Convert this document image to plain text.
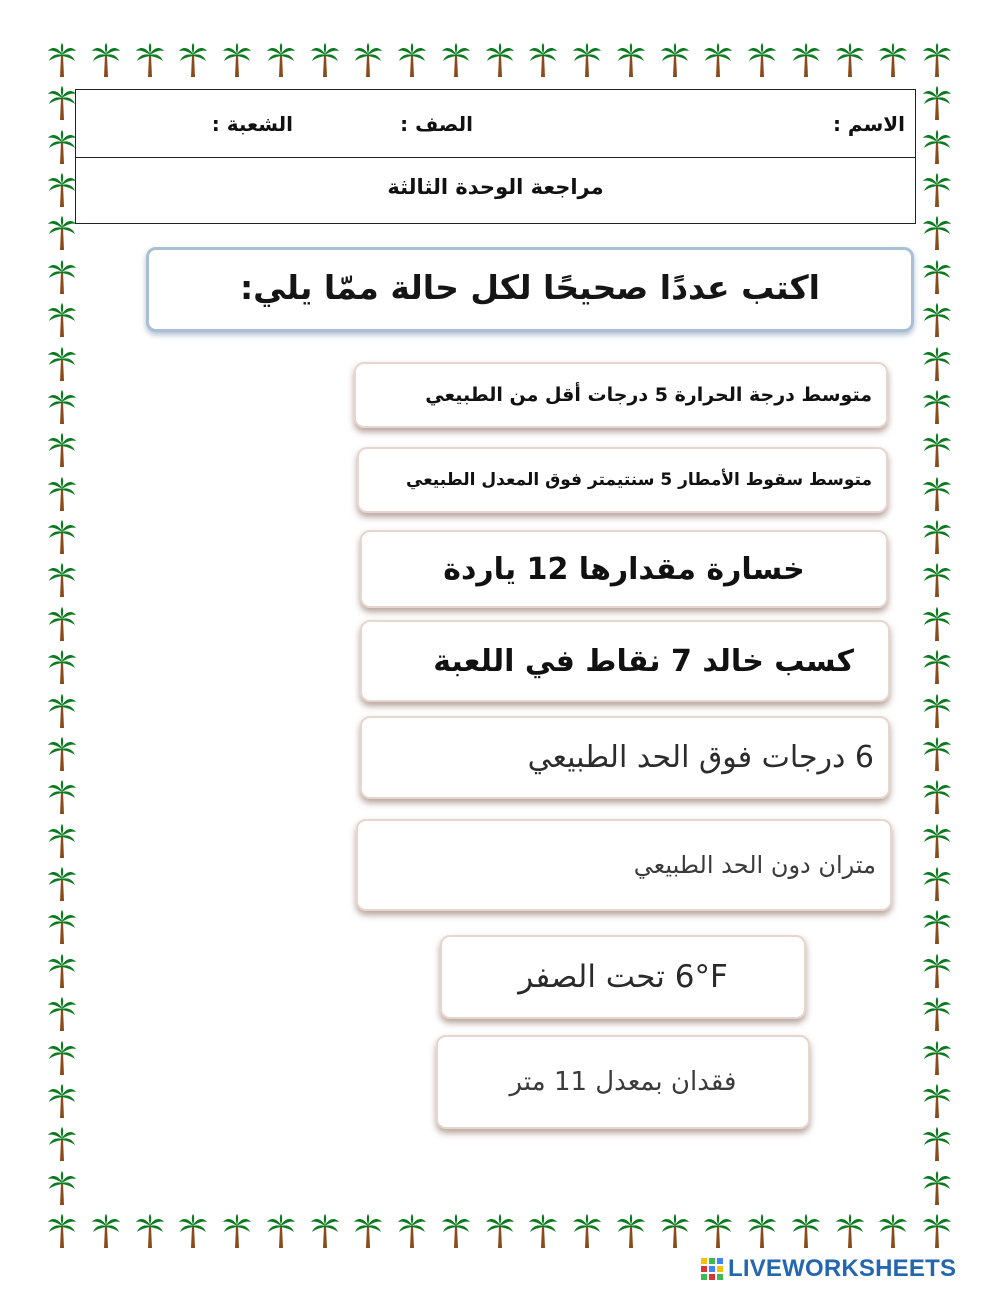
الاسم :
الصف :
الشعبة :
مراجعة الوحدة الثالثة
اكتب عددًا صحيحًا لكل حالة ممّا يلي:
متوسط درجة الحرارة 5 درجات أقل من الطبيعي
متوسط سقوط الأمطار 5 سنتيمتر فوق المعدل الطبيعي
خسارة مقدارها 12 ياردة
كسب خالد 7 نقاط في اللعبة
6 درجات فوق الحد الطبيعي
متران دون الحد الطبيعي
6°F تحت الصفر
فقدان بمعدل 11 متر
LIVEWORKSHEETS
